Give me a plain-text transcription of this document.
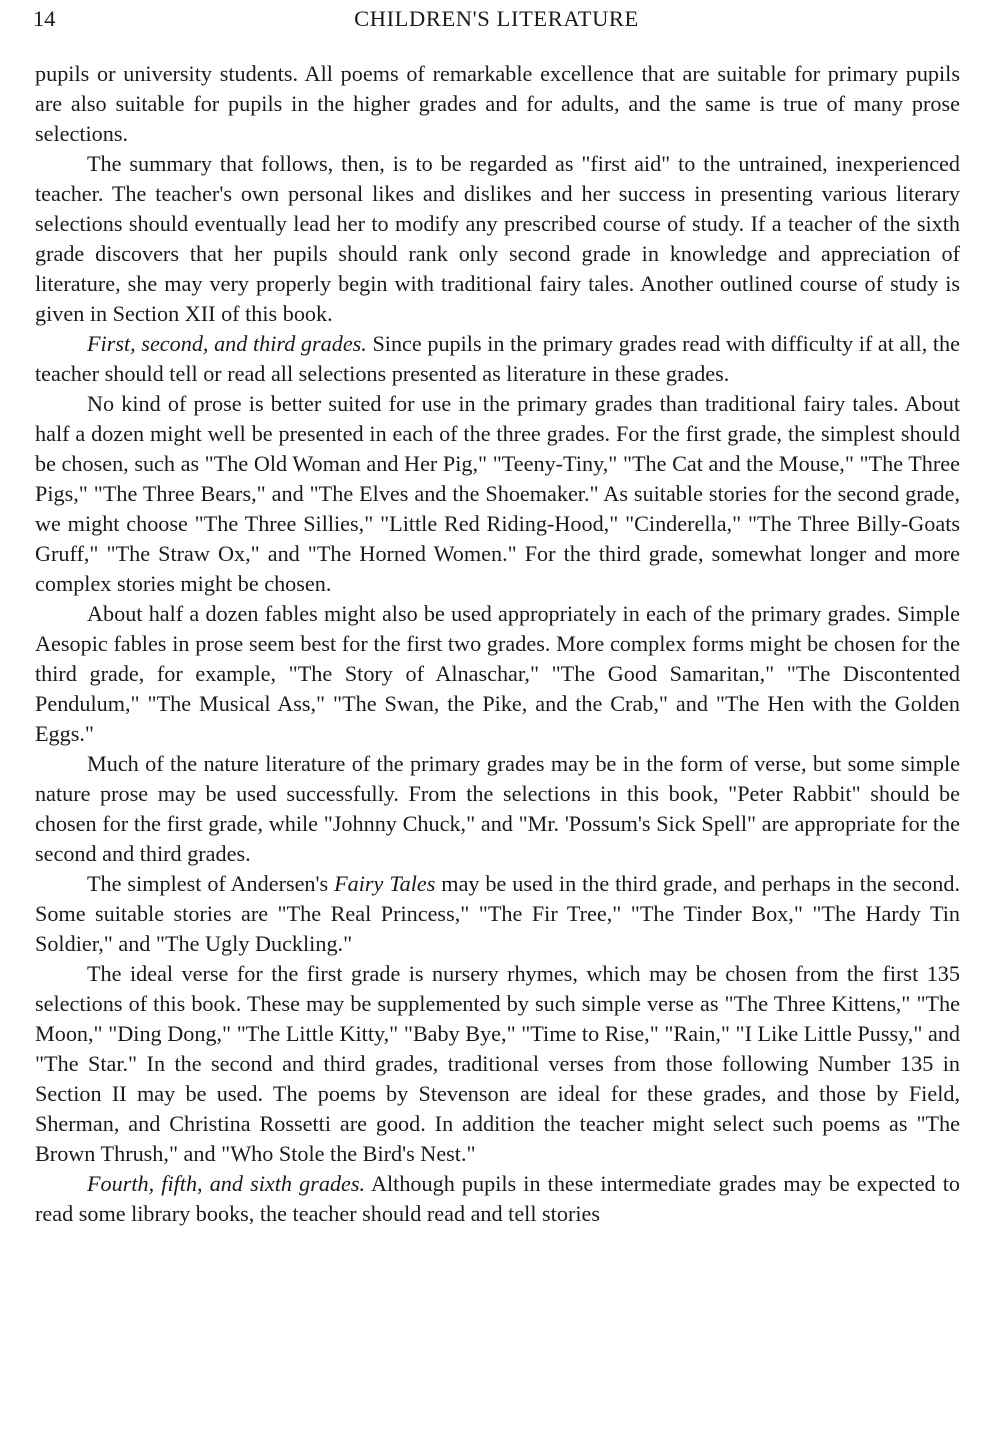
14	CHILDREN'S LITERATURE

pupils or university students. All poems of remarkable excellence that are suitable for primary pupils are also suitable for pupils in the higher grades and for adults, and the same is true of many prose selections.

The summary that follows, then, is to be regarded as "first aid" to the untrained, inexperienced teacher. The teacher's own personal likes and dislikes and her success in presenting various literary selections should eventually lead her to modify any prescribed course of study. If a teacher of the sixth grade discovers that her pupils should rank only second grade in knowledge and appreciation of literature, she may very properly begin with traditional fairy tales. Another outlined course of study is given in Section XII of this book.

First, second, and third grades. Since pupils in the primary grades read with difficulty if at all, the teacher should tell or read all selections presented as literature in these grades.

No kind of prose is better suited for use in the primary grades than traditional fairy tales. About half a dozen might well be presented in each of the three grades. For the first grade, the simplest should be chosen, such as "The Old Woman and Her Pig," "Teeny-Tiny," "The Cat and the Mouse," "The Three Pigs," "The Three Bears," and "The Elves and the Shoemaker." As suitable stories for the second grade, we might choose "The Three Sillies," "Little Red Riding-Hood," "Cinderella," "The Three Billy-Goats Gruff," "The Straw Ox," and "The Horned Women." For the third grade, somewhat longer and more complex stories might be chosen.

About half a dozen fables might also be used appropriately in each of the primary grades. Simple Aesopic fables in prose seem best for the first two grades. More complex forms might be chosen for the third grade, for example, "The Story of Alnaschar," "The Good Samaritan," "The Discontented Pendulum," "The Musical Ass," "The Swan, the Pike, and the Crab," and "The Hen with the Golden Eggs."

Much of the nature literature of the primary grades may be in the form of verse, but some simple nature prose may be used successfully. From the selections in this book, "Peter Rabbit" should be chosen for the first grade, while "Johnny Chuck," and "Mr. 'Possum's Sick Spell" are appropriate for the second and third grades.

The simplest of Andersen's Fairy Tales may be used in the third grade, and perhaps in the second. Some suitable stories are "The Real Princess," "The Fir Tree," "The Tinder Box," "The Hardy Tin Soldier," and "The Ugly Duckling."

The ideal verse for the first grade is nursery rhymes, which may be chosen from the first 135 selections of this book. These may be supplemented by such simple verse as "The Three Kittens," "The Moon," "Ding Dong," "The Little Kitty," "Baby Bye," "Time to Rise," "Rain," "I Like Little Pussy," and "The Star." In the second and third grades, traditional verses from those following Number 135 in Section II may be used. The poems by Stevenson are ideal for these grades, and those by Field, Sherman, and Christina Rossetti are good. In addition the teacher might select such poems as "The Brown Thrush," and "Who Stole the Bird's Nest."

Fourth, fifth, and sixth grades. Although pupils in these intermediate grades may be expected to read some library books, the teacher should read and tell stories
